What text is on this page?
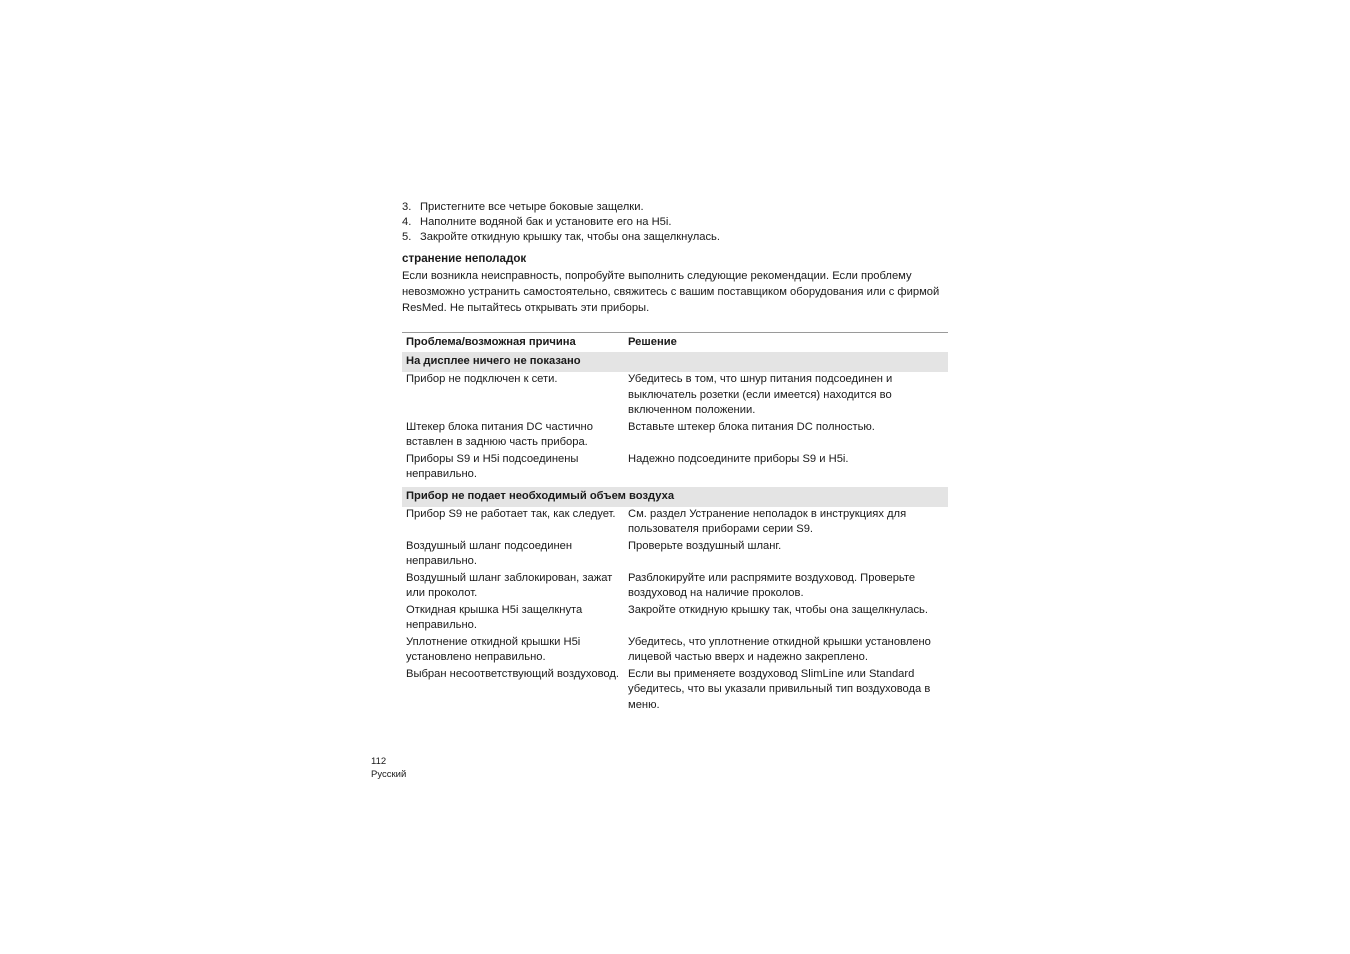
3. Пристегните все четыре боковые защелки.
4. Наполните водяной бак и установите его на H5i.
5. Закройте откидную крышку так, чтобы она защелкнулась.
странение неполадок

Если возникла неисправность, попробуйте выполнить следующие рекомендации. Если проблему невозможно устранить самостоятельно, свяжитесь с вашим поставщиком оборудования или с фирмой ResMed. Не пытайтесь открывать эти приборы.

Проблема/возможная причина	Решение
На дисплее ничего не показано	
Прибор не подключен к сети.	Убедитесь в том, что шнур питания подсоединен и выключатель розетки (если имеется) находится во включенном положении.
Штекер блока питания DC частично вставлен в заднюю часть прибора.	Вставьте штекер блока питания DC полностью.
Приборы S9 и H5i подсоединены неправильно.	Надежно подсоедините приборы S9 и H5i.

Прибор не подает необходимый объем воздуха	
Прибор S9 не работает так, как следует.	См. раздел Устранение неполадок в инструкциях для пользователя приборами серии S9.
Воздушный шланг подсоединен неправильно.	Проверьте воздушный шланг.
Воздушный шланг заблокирован, зажат или проколот.	Разблокируйте или распрямите воздуховод. Проверьте воздуховод на наличие проколов.
Откидная крышка H5i защелкнута неправильно.	Закройте откидную крышку так, чтобы она защелкнулась.
Уплотнение откидной крышки H5i установлено неправильно.	Убедитесь, что уплотнение откидной крышки установлено лицевой частью вверх и надежно закреплено.
Выбран несоответствующий воздуховод.	Если вы применяете воздуховод SlimLine или Standard убедитесь, что вы указали привильный тип воздуховода в меню.
112
Русский
